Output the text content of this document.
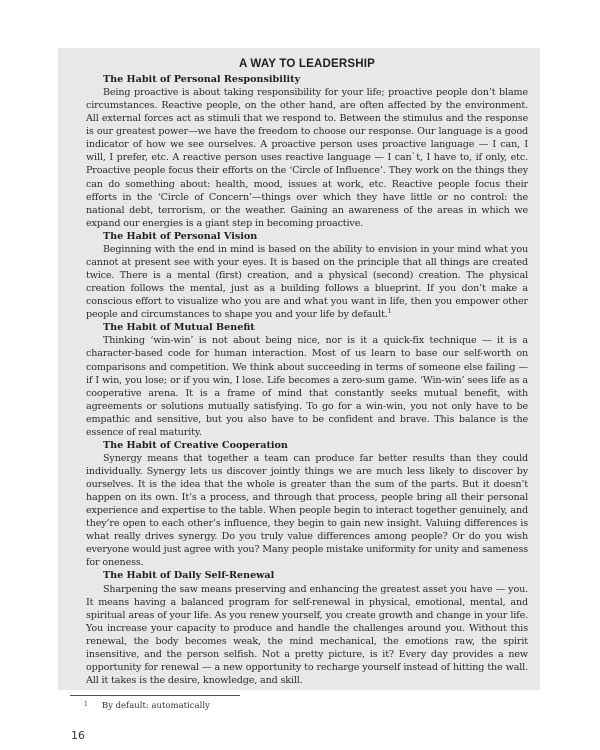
A WAY TO LEADERSHIP
The Habit of Personal Responsibility

Being proactive is about taking responsibility for your life; proactive people don’t blame circumstances. Reactive people, on the other hand, are often affected by the environment. All external forces act as stimuli that we respond to. Between the stimulus and the response is our greatest power—we have the freedom to choose our response. Our language is a good indicator of how we see ourselves. A proactive person uses proactive language — I can, I will, I prefer, etc. A reactive person uses reactive language — I can`t, I have to, if only, etc. Proactive people focus their efforts on the ‘Circle of Influence’. They work on the things they can do something about: health, mood, issues at work, etc. Reactive people focus their efforts in the ‘Circle of Concern’—things over which they have little or no control: the national debt, terrorism, or the weather. Gaining an awareness of the areas in which we expand our energies is a giant step in becoming proactive.

The Habit of Personal Vision

Beginning with the end in mind is based on the ability to envision in your mind what you cannot at present see with your eyes. It is based on the principle that all things are created twice. There is a mental (first) creation, and a physical (second) creation. The physical creation follows the mental, just as a building follows a blueprint. If you don’t make a conscious effort to visualize who you are and what you want in life, then you empower other people and circumstances to shape you and your life by default.$^1$

The Habit of Mutual Benefit

Thinking ‘win-win’ is not about being nice, nor is it a quick-fix technique — it is a character-based code for human interaction. Most of us learn to base our self-worth on comparisons and competition. We think about succeeding in terms of someone else failing — if I win, you lose; or if you win, I lose. Life becomes a zero-sum game. ‘Win-win’ sees life as a cooperative arena. It is a frame of mind that constantly seeks mutual benefit, with agreements or solutions mutually satisfying. To go for a win-win, you not only have to be empathic and sensitive, but you also have to be confident and brave. This balance is the essence of real maturity.

The Habit of Creative Cooperation

Synergy means that together a team can produce far better results than they could individually. Synergy lets us discover jointly things we are much less likely to discover by ourselves. It is the idea that the whole is greater than the sum of the parts. But it doesn’t happen on its own. It’s a process, and through that process, people bring all their personal experience and expertise to the table. When people begin to interact together genuinely, and they’re open to each other’s influence, they begin to gain new insight. Valuing differences is what really drives synergy. Do you truly value differences among people? Or do you wish everyone would just agree with you? Many people mistake uniformity for unity and sameness for oneness.

The Habit of Daily Self-Renewal

Sharpening the saw means preserving and enhancing the greatest asset you have — you. It means having a balanced program for self-renewal in physical, emotional, mental, and spiritual areas of your life. As you renew yourself, you create growth and change in your life. You increase your capacity to produce and handle the challenges around you. Without this renewal, the body becomes weak, the mind mechanical, the emotions raw, the spirit insensitive, and the person selfish. Not a pretty picture, is it? Every day provides a new opportunity for renewal — a new opportunity to recharge yourself instead of hitting the wall. All it takes is the desire, knowledge, and skill.

$^1$ By default: automatically
16
